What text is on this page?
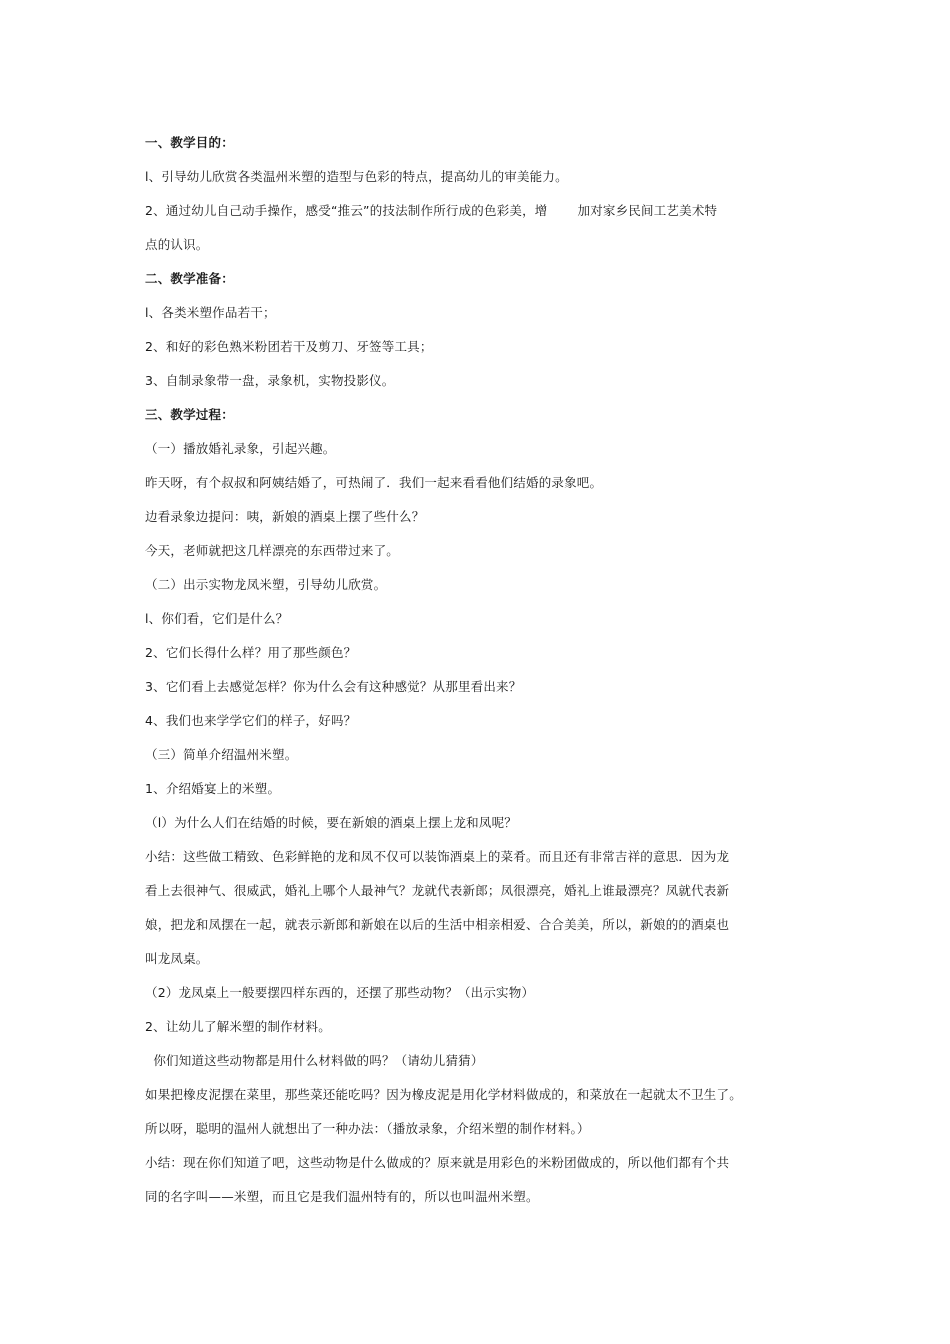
一、教学目的：
l、引导幼儿欣赏各类温州米塑的造型与色彩的特点，提高幼儿的审美能力。
2、通过幼儿自己动手操作，感受“推云”的技法制作所行成的色彩美，增 加对家乡民间工艺美术特
点的认识。
二、教学准备：
l、各类米塑作品若干；
2、和好的彩色熟米粉团若干及剪刀、牙签等工具；
3、自制录象带一盘，录象机，实物投影仪。
三、教学过程：
（一）播放婚礼录象，引起兴趣。
昨天呀，有个叔叔和阿姨结婚了，可热闹了．我们一起来看看他们结婚的录象吧。
边看录象边提问：咦，新娘的酒桌上摆了些什么？
今天，老师就把这几样漂亮的东西带过来了。
（二）出示实物龙凤米塑，引导幼儿欣赏。
l、你们看，它们是什么？
2、它们长得什么样？用了那些颜色？
3、它们看上去感觉怎样？你为什么会有这种感觉？从那里看出来？
4、我们也来学学它们的样子，好吗？
（三）简单介绍温州米塑。
1、介绍婚宴上的米塑。
（l）为什么人们在结婚的时候，要在新娘的酒桌上摆上龙和凤呢？
小结：这些做工精致、色彩鲜艳的龙和凤不仅可以装饰酒桌上的菜肴。而且还有非常吉祥的意思．因为龙
看上去很神气、很威武，婚礼上哪个人最神气？龙就代表新郎；凤很漂亮，婚礼上谁最漂亮？凤就代表新
娘，把龙和凤摆在一起，就表示新郎和新娘在以后的生活中相亲相爱、合合美美，所以，新娘的的酒桌也
叫龙凤桌。
（2）龙凤桌上一般要摆四样东西的，还摆了那些动物？（出示实物）
2、让幼儿了解米塑的制作材料。
你们知道这些动物都是用什么材料做的吗？（请幼儿猜猜）
如果把橡皮泥摆在菜里，那些菜还能吃吗？因为橡皮泥是用化学材料做成的，和菜放在一起就太不卫生了。
所以呀，聪明的温州人就想出了一种办法：（播放录象，介绍米塑的制作材料。）
小结：现在你们知道了吧，这些动物是什么做成的？原来就是用彩色的米粉团做成的，所以他们都有个共
同的名字叫——米塑，而且它是我们温州特有的，所以也叫温州米塑。
